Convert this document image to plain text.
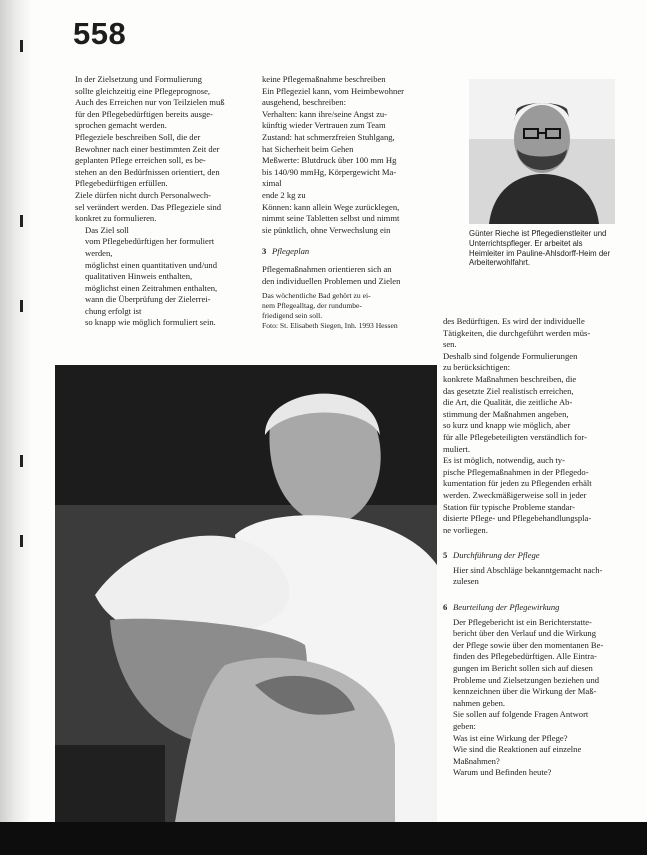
558
In der Zielsetzung und Formulierung
sollte gleichzeitig eine Pflegeprognose,
Auch des Erreichen nur von Teilzielen muß
für den Pflegebedürftigen bereits ausge-
sprochen gemacht werden.
Pflegeziele beschreiben Soll, die der
Bewohner nach einer bestimmten Zeit der
geplanten Pflege erreichen soll, es be-
stehen an den Bedürfnissen orientiert, den
Pflegebedürftigen erfüllen.
Ziele dürfen nicht durch Personalwech-
sel verändert werden. Das Pflegeziele sind
konkret zu formulieren.
Das Ziel soll
vom Pflegebedürftigen her formuliert
werden,
möglichst einen quantitativen und/und
qualitativen Hinweis enthalten,
möglichst einen Zeitrahmen enthalten,
wann die Überprüfung der Zielerrei-
chung erfolgt ist
so knapp wie möglich formuliert sein.
keine Pflegemaßnahme beschreiben
Ein Pflegeziel kann, vom Heimbewohner
ausgehend, beschreiben:
Verhalten: kann ihre/seine Angst zu-
künftig wieder Vertrauen zum Team
Zustand: hat schmerzfreien Stuhlgang,
hat Sicherheit beim Gehen
Meßwerte: Blutdruck über 100 mm Hg
bis 140/90 mmHg, Körpergewicht Ma-
ximal
ende 2 kg zu
Können: kann allein Wege zurücklegen,
nimmt seine Tabletten selbst und nimmt
sie pünktlich, ohne Verwechslung ein
3 Pflegeplan
Pflegemaßnahmen orientieren sich an
den individuellen Problemen und Zielen
Das wöchentliche Bad gehört zu ei-
nem Pflegealltag, der rundumbe-
friedigend sein soll.
Foto: St. Elisabeth Siegen, Inh. 1993 Hessen
Günter Rieche ist Pflegedienstleiter und Unterrichtspfleger. Er arbeitet als Heimleiter im Pauline-Ahlsdorff-Heim der Arbeiterwohlfahrt.
des Bedürftigen. Es wird der individuelle
Tätigkeiten, die durchgeführt werden müs-
sen.
Deshalb sind folgende Formulierungen
zu berücksichtigen:
konkrete Maßnahmen beschreiben, die
das gesetzte Ziel realistisch erreichen,
die Art, die Qualität, die zeitliche Ab-
stimmung der Maßnahmen angeben,
so kurz und knapp wie möglich, aber
für alle Pflegebeteiligten verständlich for-
muliert.
Es ist möglich, notwendig, auch ty-
pische Pflegemaßnahmen in der Pflegedo-
kumentation für jeden zu Pflegenden erhält
werden. Zweckmäßigerweise soll in jeder
Station für typische Probleme standar-
disierte Pflege- und Pflegebehandlungspla-
ne vorliegen.
5 Durchführung der Pflege
Hier sind Abschläge bekanntgemacht nach-
zulesen
6 Beurteilung der Pflegewirkung
Der Pflegebericht ist ein Berichterstatte-
bericht über den Verlauf und die Wirkung
der Pflege sowie über den momentanen Be-
finden des Pflegebedürftigen. Alle Eintra-
gungen im Bericht sollen sich auf diesen
Probleme und Zielsetzungen beziehen und
kennzeichnen über die Wirkung der Maß-
nahmen geben.
Sie sollen auf folgende Fragen Antwort
geben:
Was ist eine Wirkung der Pflege?
Wie sind die Reaktionen auf einzelne
Maßnahmen?
Warum und Befinden heute?
